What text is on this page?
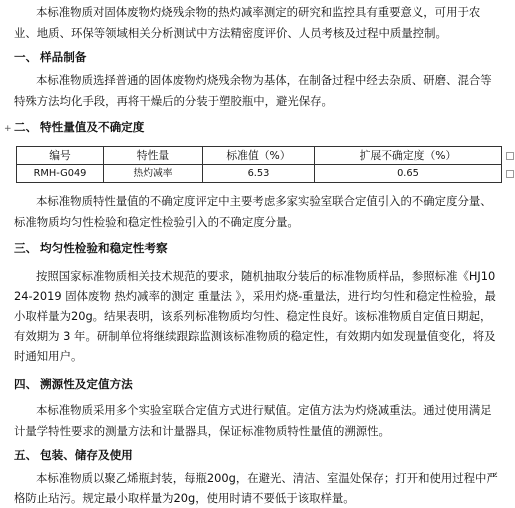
本标准物质对固体废物灼烧残余物的热灼减率测定的研究和监控具有重要意义，可用于农业、地质、环保等领域相关分析测试中方法精密度评价、人员考核及过程中质量控制。
一、 样品制备
本标准物质选择普通的固体废物灼烧残余物为基体，在制备过程中经去杂质、研磨、混合等特殊方法均化手段，再将干燥后的分装于塑胶瓶中，避光保存。
二、 特性量值及不确定度
+
编号	特性量	标准值（%）	扩展不确定度（%）
RMH-G049	热灼减率	6.53	0.65
本标准物质特性量值的不确定度评定中主要考虑多家实验室联合定值引入的不确定度分量、标准物质均匀性检验和稳定性检验引入的不确定度分量。
三、 均匀性检验和稳定性考察
按照国家标准物质相关技术规范的要求，随机抽取分装后的标准物质样品，参照标准《HJ1024-2019 固体废物 热灼减率的测定 重量法 》，采用灼烧-重量法，进行均匀性和稳定性检验，最小取样量为20g。结果表明，该系列标准物质均匀性、稳定性良好。该标准物质自定值日期起，有效期为 3 年。研制单位将继续跟踪监测该标准物质的稳定性，有效期内如发现量值变化，将及时通知用户。
四、 溯源性及定值方法
本标准物质采用多个实验室联合定值方式进行赋值。定值方法为灼烧减重法。通过使用满足计量学特性要求的测量方法和计量器具，保证标准物质特性量值的溯源性。
五、 包装、储存及使用
本标准物质以聚乙烯瓶封装，每瓶200g，在避光、清洁、室温处保存；打开和使用过程中严格防止玷污。规定最小取样量为20g，使用时请不要低于该取样量。
